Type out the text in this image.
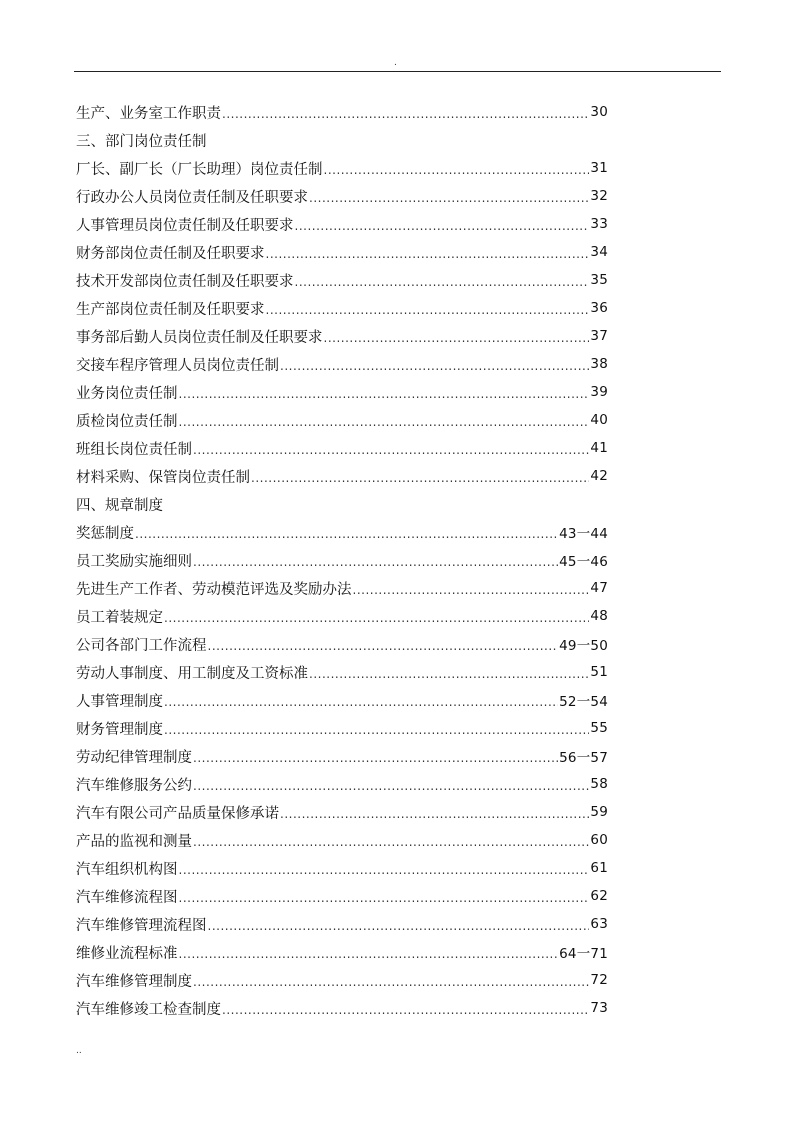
.
生产、业务室工作职责 .....	30
三、部门岗位责任制
厂长、副厂长（厂长助理）岗位责任制 .....	31
行政办公人员岗位责任制及任职要求 .....	32
人事管理员岗位责任制及任职要求 .....	33
财务部岗位责任制及任职要求 .....	34
技术开发部岗位责任制及任职要求 .....	35
生产部岗位责任制及任职要求 .....	36
事务部后勤人员岗位责任制及任职要求 .....	37
交接车程序管理人员岗位责任制 .....	38
业务岗位责任制 .....	39
质检岗位责任制 .....	40
班组长岗位责任制 .....	41
材料采购、保管岗位责任制 .....	42
四、规章制度
奖惩制度 .....	43一44
员工奖励实施细则 .....	45一46
先进生产工作者、劳动模范评选及奖励办法 .....	47
员工着装规定 .....	48
公司各部门工作流程 .....	49一50
劳动人事制度、用工制度及工资标准 .....	51
人事管理制度 .....	52一54
财务管理制度 .....	55
劳动纪律管理制度 .....	56一57
汽车维修服务公约 .....	58
汽车有限公司产品质量保修承诺 .....	59
产品的监视和测量 .....	60
汽车组织机构图 .....	61
汽车维修流程图 .....	62
汽车维修管理流程图 .....	63
维修业流程标准 .....	64一71
汽车维修管理制度 .....	72
汽车维修竣工检查制度 .....	73
..
